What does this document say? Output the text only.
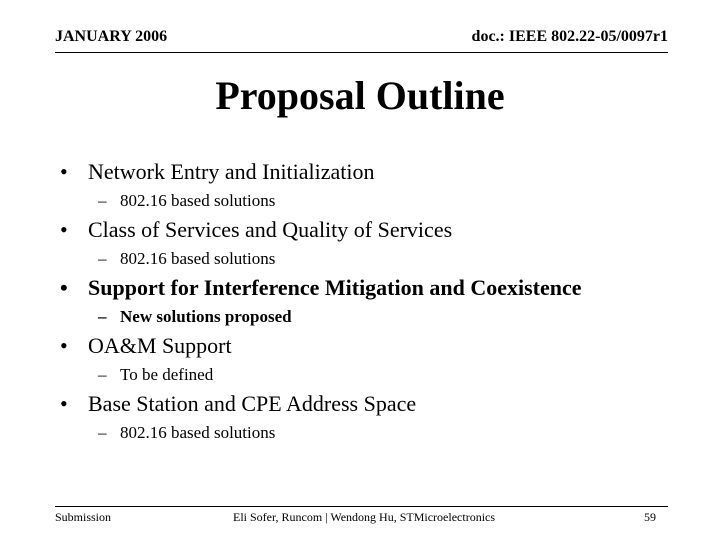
JANUARY 2006	doc.: IEEE 802.22-05/0097r1
Proposal Outline
• Network Entry and Initialization
– 802.16 based solutions
• Class of Services and Quality of Services
– 802.16 based solutions
• Support for Interference Mitigation and Coexistence
– New solutions proposed
• OA&M Support
– To be defined
• Base Station and CPE Address Space
– 802.16 based solutions
Submission	Eli Sofer, Runcom | Wendong Hu, STMicroelectronics	59
